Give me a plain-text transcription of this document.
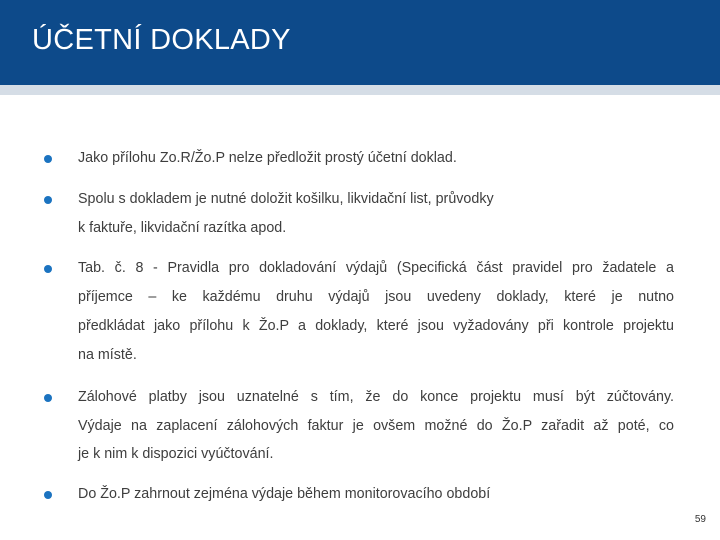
ÚČETNÍ DOKLADY
Jako přílohu Zo.R/Žo.P nelze předložit prostý účetní doklad.
Spolu s dokladem je nutné doložit košilku, likvidační list, průvodky
k faktuře, likvidační razítka apod.
Tab. č. 8 - Pravidla pro dokladování výdajů (Specifická část pravidel pro žadatele a
příjemce – ke každému druhu výdajů jsou uvedeny doklady, které je nutno
předkládat jako přílohu k Žo.P a doklady, které jsou vyžadovány při kontrole projektu
na místě.
Zálohové platby jsou uznatelné s tím, že do konce projektu musí být zúčtovány.
Výdaje na zaplacení zálohových faktur je ovšem možné do Žo.P zařadit až poté, co
je k nim k dispozici vyúčtování.
Do Žo.P zahrnout zejména výdaje během monitorovacího období
59
